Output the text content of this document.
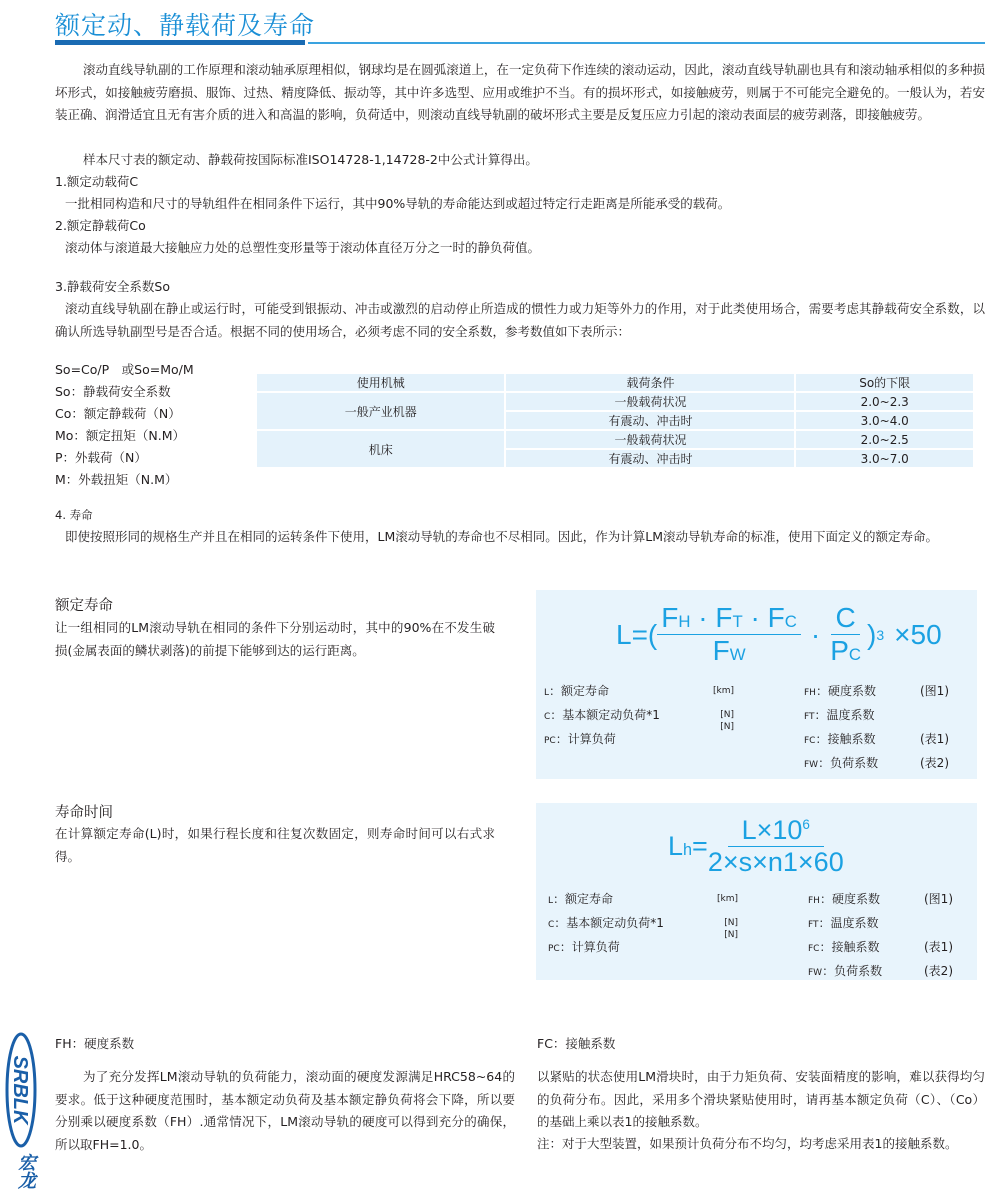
额定动、静载荷及寿命

滚动直线导轨副的工作原理和滚动轴承原理相似，钢球均是在圆弧滚道上，在一定负荷下作连续的滚动运动，因此，滚动直线导轨副也具有和滚动轴承相似的多种损坏形式，如接触疲劳磨损、服饰、过热、精度降低、振动等，其中许多选型、应用或维护不当。有的损坏形式，如接触疲劳，则属于不可能完全避免的。一般认为，若安装正确、润滑适宜且无有害介质的进入和高温的影响，负荷适中，则滚动直线导轨副的破坏形式主要是反复压应力引起的滚动表面层的疲劳剥落，即接触疲劳。

样本尺寸表的额定动、静载荷按国际标准ISO14728-1,14728-2中公式计算得出。

1.额定动载荷C

一批相同构造和尺寸的导轨组件在相同条件下运行，其中90%导轨的寿命能达到或超过特定行走距离是所能承受的载荷。

2.额定静载荷Co

滚动体与滚道最大接触应力处的总塑性变形量等于滚动体直径万分之一时的静负荷值。

3.静载荷安全系数So

滚动直线导轨副在静止或运行时，可能受到银振动、冲击或激烈的启动停止所造成的惯性力或力矩等外力的作用，对于此类使用场合，需要考虑其静载荷安全系数，以确认所选导轨副型号是否合适。根据不同的使用场合，必须考虑不同的安全系数，参考数值如下表所示：

So=Co/P　或So=Mo/M
So：静载荷安全系数
Co：额定静载荷（N）
Mo：额定扭矩（N.M）
P：外载荷（N）
M：外载扭矩（N.M）
使用机械	载荷条件	So的下限
一般产业机器	一般载荷状况	2.0~2.3
	有震动、冲击时	3.0~4.0
机床	一般载荷状况	2.0~2.5
	有震动、冲击时	3.0~7.0

4. 寿命

即使按照形同的规格生产并且在相同的运转条件下使用，LM滚动导轨的寿命也不尽相同。因此，作为计算LM滚动导轨寿命的标准，使用下面定义的额定寿命。

额定寿命

让一组相同的LM滚动导轨在相同的条件下分别运动时，其中的90%在不发生破损(金属表面的鳞状剥落)的前提下能够到达的运行距离。

寿命时间

在计算额定寿命(L)时，如果行程长度和往复次数固定，则寿命时间可以右式求得。

$L=( \frac{FH \cdot FT \cdot FC}{FW} \cdot \frac{C}{PC}$ ) 3 ×50
L：额定寿命	[km]
C：基本额定动负荷*1	[N]
PC：计算负荷
[N]
FH：硬度系数	(图1)
FT：温度系数
FC：接触系数	(表1)
FW：负荷系数	(表2)
L $h = \frac{L\times 10^6}{2\times s\times n1\times 60}$
L：额定寿命	[km]
C：基本额定动负荷*1	[N]
PC：计算负荷
[N]
FH：硬度系数	(图1)
FT：温度系数
FC：接触系数	(表1)
FW：负荷系数	(表2)
FH：硬度系数

为了充分发挥LM滚动导轨的负荷能力，滚动面的硬度发源满足HRC58~64的要求。低于这种硬度范围时，基本额定动负荷及基本额定静负荷将会下降，所以要分别乘以硬度系数（FH）.通常情况下，LM滚动导轨的硬度可以得到充分的确保，所以取FH=1.0。

FC：接触系数

以紧贴的状态使用LM滑块时，由于力矩负荷、安装面精度的影响，难以获得均匀的负荷分布。因此，采用多个滑块紧贴使用时，请再基本额定负荷（C）、（Co）的基础上乘以表1的接触系数。

注：对于大型装置，如果预计负荷分布不均匀，均考虑采用表1的接触系数。

SRBLK
宏龙
